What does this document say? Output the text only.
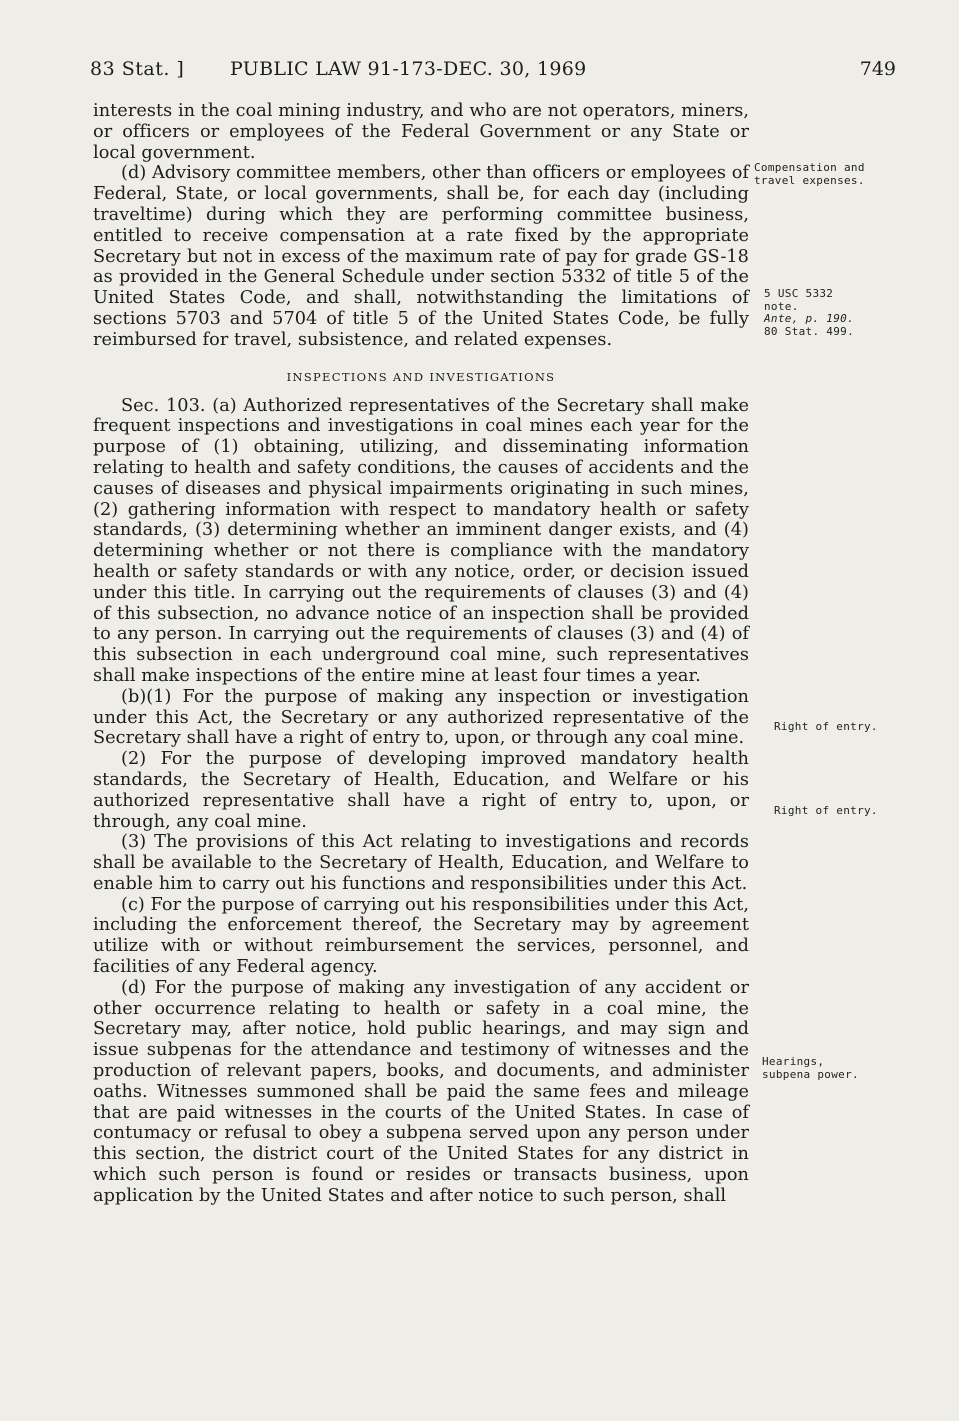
83 Stat. ] PUBLIC LAW 91-173-DEC. 30, 1969	749

interests in the coal mining industry, and who are not operators, miners, or officers or employees of the Federal Government or any State or local government.

(d) Advisory committee members, other than officers or employees of Federal, State, or local governments, shall be, for each day (including traveltime) during which they are performing committee business, entitled to receive compensation at a rate fixed by the appropriate Secretary but not in excess of the maximum rate of pay for grade GS-18 as provided in the General Schedule under section 5332 of title 5 of the United States Code, and shall, notwithstanding the limitations of sections 5703 and 5704 of title 5 of the United States Code, be fully reimbursed for travel, subsistence, and related expenses.

INSPECTIONS AND INVESTIGATIONS

Sec. 103. (a) Authorized representatives of the Secretary shall make frequent inspections and investigations in coal mines each year for the purpose of (1) obtaining, utilizing, and disseminating information relating to health and safety conditions, the causes of accidents and the causes of diseases and physical impairments originating in such mines, (2) gathering information with respect to mandatory health or safety standards, (3) determining whether an imminent danger exists, and (4) determining whether or not there is compliance with the mandatory health or safety standards or with any notice, order, or decision issued under this title. In carrying out the requirements of clauses (3) and (4) of this subsection, no advance notice of an inspection shall be provided to any person. In carrying out the requirements of clauses (3) and (4) of this subsection in each underground coal mine, such representatives shall make inspections of the entire mine at least four times a year.

(b)(1) For the purpose of making any inspection or investigation under this Act, the Secretary or any authorized representative of the Secretary shall have a right of entry to, upon, or through any coal mine.

(2) For the purpose of developing improved mandatory health standards, the Secretary of Health, Education, and Welfare or his authorized representative shall have a right of entry to, upon, or through, any coal mine.

(3) The provisions of this Act relating to investigations and records shall be available to the Secretary of Health, Education, and Welfare to enable him to carry out his functions and responsibilities under this Act.

(c) For the purpose of carrying out his responsibilities under this Act, including the enforcement thereof, the Secretary may by agreement utilize with or without reimbursement the services, personnel, and facilities of any Federal agency.

(d) For the purpose of making any investigation of any accident or other occurrence relating to health or safety in a coal mine, the Secretary may, after notice, hold public hearings, and may sign and issue subpenas for the attendance and testimony of witnesses and the production of relevant papers, books, and documents, and administer oaths. Witnesses summoned shall be paid the same fees and mileage that are paid witnesses in the courts of the United States. In case of contumacy or refusal to obey a subpena served upon any person under this section, the district court of the United States for any district in which such person is found or resides or transacts business, upon application by the United States and after notice to such person, shall

Compensation and travel expenses.
5 USC 5332 note.
Ante, p. 190.
80 Stat. 499.
Right of entry.
Right of entry.
Hearings, subpena power.
